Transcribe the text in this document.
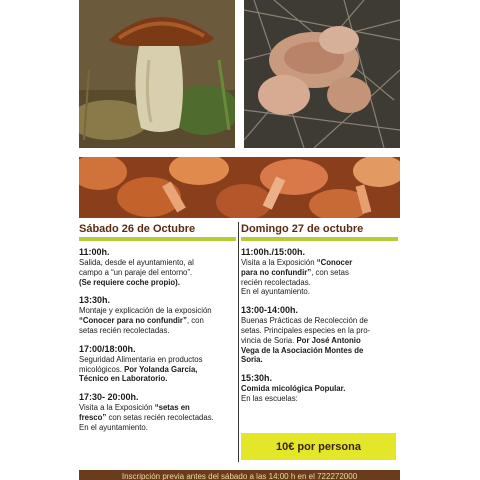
Sábado 26 de Octubre
11:00h.
Salida, desde el ayuntamiento, al
campo a “un paraje del entorno”.
(Se requiere coche propio).
13:30h.
Montaje y explicación de la exposición
“Conocer para no confundir”, con
setas recién recolectadas.
17:00/18:00h.
Seguridad Alimentaria en productos
micológicos. Por Yolanda García,
Técnico en Laboratorio.
17:30- 20:00h.
Visita a la Exposición “setas en
fresco” con setas recién recolectadas.
En el ayuntamiento.
Domingo 27 de octubre
11:00h./15:00h.
Visita a la Exposición “Conocer
para no confundir”, con setas
recién recolectadas.
En el ayuntamiento.
13:00-14:00h.
Buenas Prácticas de Recolección de
setas. Principales especies en la pro-
vincia de Soria. Por José Antonio
Vega de la Asociación Montes de
Soria.
15:30h.
Comida micológica Popular.
En las escuelas:
10€ por persona
Inscripción previa antes del sábado a las 14:00 h en el 722272000
